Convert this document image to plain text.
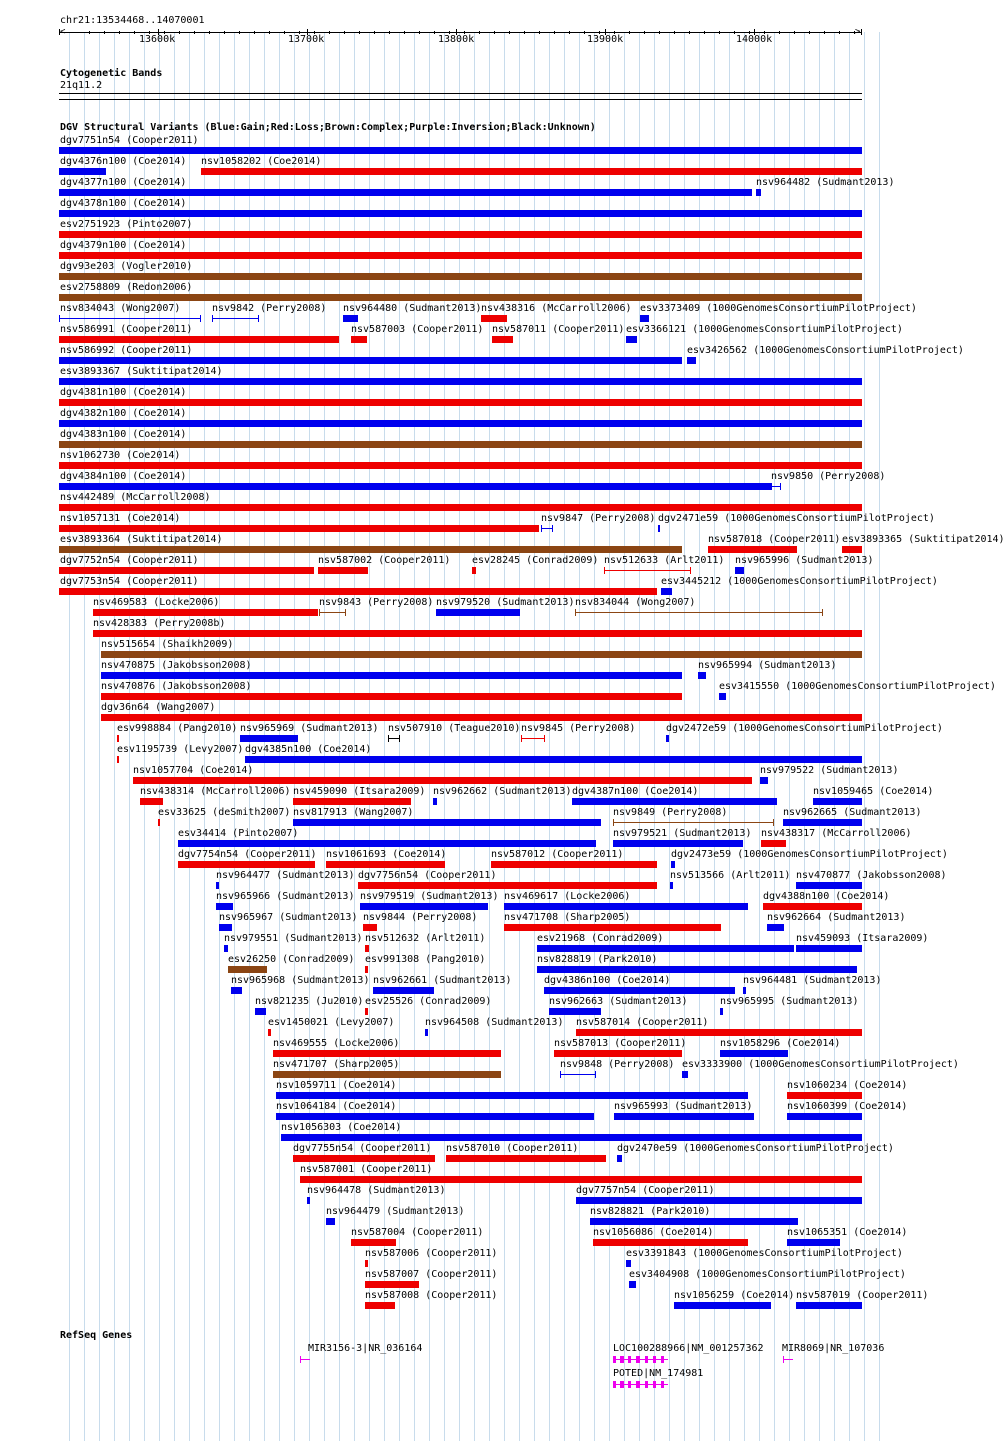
chr21:13534468..14070001
<	>
13600k	13700k	13800k	13900k	14000k
Cytogenetic Bands
21q11.2
DGV Structural Variants (Blue:Gain;Red:Loss;Brown:Complex;Purple:Inversion;Black:Unknown)
dgv7751n54 (Cooper2011)
dgv4376n100 (Coe2014) nsv1058202 (Coe2014)
dgv4377n100 (Coe2014)	nsv964482 (Sudmant2013)
dgv4378n100 (Coe2014)
esv2751923 (Pinto2007)
dgv4379n100 (Coe2014)
dgv93e203 (Vogler2010)
esv2758809 (Redon2006)
nsv834043 (Wong2007)	nsv9842 (Perry2008) nsv964480 (Sudmant2013) nsv438316 (McCarroll2006) esv3373409 (1000GenomesConsortiumPilotProject)
nsv586991 (Cooper2011)	nsv587003 (Cooper2011) nsv587011 (Cooper2011) esv3366121 (1000GenomesConsortiumPilotProject)
nsv586992 (Cooper2011)	esv3426562 (1000GenomesConsortiumPilotProject)
esv3893367 (Suktitipat2014)
dgv4381n100 (Coe2014)
dgv4382n100 (Coe2014)
dgv4383n100 (Coe2014)
nsv1062730 (Coe2014)
dgv4384n100 (Coe2014)	nsv9850 (Perry2008)
nsv442489 (McCarroll2008)
nsv1057131 (Coe2014)	nsv9847 (Perry2008) dgv2471e59 (1000GenomesConsortiumPilotProject)
esv3893364 (Suktitipat2014)	nsv587018 (Cooper2011) esv3893365 (Suktitipat2014)
dgv7752n54 (Cooper2011)	nsv587002 (Cooper2011) esv28245 (Conrad2009) nsv512633 (Arlt2011) nsv965996 (Sudmant2013)
dgv7753n54 (Cooper2011)	esv3445212 (1000GenomesConsortiumPilotProject)
nsv469583 (Locke2006)	nsv9843 (Perry2008) nsv979520 (Sudmant2013) nsv834044 (Wong2007)
nsv428383 (Perry2008b)
nsv515654 (Shaikh2009)
nsv470875 (Jakobsson2008)	nsv965994 (Sudmant2013)
nsv470876 (Jakobsson2008)	esv3415550 (1000GenomesConsortiumPilotProject)
dgv36n64 (Wang2007)
esv998884 (Pang2010) nsv965969 (Sudmant2013) nsv507910 (Teague2010) nsv9845 (Perry2008)	dgv2472e59 (1000GenomesConsortiumPilotProject)
esv1195739 (Levy2007) dgv4385n100 (Coe2014)
nsv1057704 (Coe2014)	nsv979522 (Sudmant2013)
nsv438314 (McCarroll2006) nsv459090 (Itsara2009) nsv962662 (Sudmant2013) dgv4387n100 (Coe2014)	nsv1059465 (Coe2014)
esv33625 (deSmith2007) nsv817913 (Wang2007)	nsv9849 (Perry2008)	nsv962665 (Sudmant2013)
esv34414 (Pinto2007)	nsv979521 (Sudmant2013) nsv438317 (McCarroll2006)
dgv7754n54 (Cooper2011) nsv1061693 (Coe2014)	nsv587012 (Cooper2011)	dgv2473e59 (1000GenomesConsortiumPilotProject)
nsv964477 (Sudmant2013) dgv7756n54 (Cooper2011)	nsv513566 (Arlt2011) nsv470877 (Jakobsson2008)
nsv965966 (Sudmant2013) nsv979519 (Sudmant2013) nsv469617 (Locke2006)	dgv4388n100 (Coe2014)
nsv965967 (Sudmant2013) nsv9844 (Perry2008)	nsv471708 (Sharp2005)	nsv962664 (Sudmant2013)
nsv979551 (Sudmant2013) nsv512632 (Arlt2011)	esv21968 (Conrad2009)	nsv459093 (Itsara2009)
esv26250 (Conrad2009) esv991308 (Pang2010)	nsv828819 (Park2010)
nsv965968 (Sudmant2013) nsv962661 (Sudmant2013)	dgv4386n100 (Coe2014)	nsv964481 (Sudmant2013)
nsv821235 (Ju2010) esv25526 (Conrad2009)	nsv962663 (Sudmant2013)	nsv965995 (Sudmant2013)
esv1450021 (Levy2007)	nsv964508 (Sudmant2013) nsv587014 (Cooper2011)
nsv469555 (Locke2006)	nsv587013 (Cooper2011)	nsv1058296 (Coe2014)
nsv471707 (Sharp2005)	nsv9848 (Perry2008) esv3333900 (1000GenomesConsortiumPilotProject)
nsv1059711 (Coe2014)	nsv1060234 (Coe2014)
nsv1064184 (Coe2014)	nsv965993 (Sudmant2013)	nsv1060399 (Coe2014)
nsv1056303 (Coe2014)
dgv7755n54 (Cooper2011) nsv587010 (Cooper2011)	dgv2470e59 (1000GenomesConsortiumPilotProject)
nsv587001 (Cooper2011)
nsv964478 (Sudmant2013)	dgv7757n54 (Cooper2011)
nsv964479 (Sudmant2013)	nsv828821 (Park2010)
nsv587004 (Cooper2011)	nsv1056086 (Coe2014)	nsv1065351 (Coe2014)
nsv587006 (Cooper2011)	esv3391843 (1000GenomesConsortiumPilotProject)
nsv587007 (Cooper2011)	esv3404908 (1000GenomesConsortiumPilotProject)
nsv587008 (Cooper2011)	nsv1056259 (Coe2014) nsv587019 (Cooper2011)
RefSeq Genes
MIR3156-3|NR_036164	LOC100288966|NM_001257362
POTED|NM_174981
MIR8069|NR_107036
